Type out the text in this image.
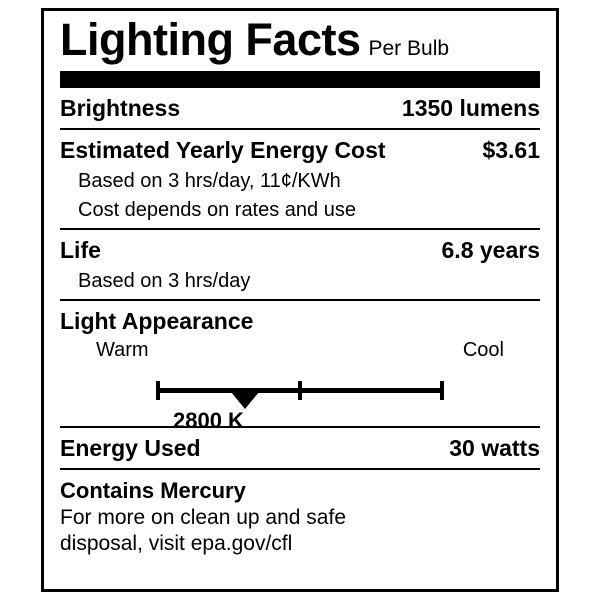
Lighting Facts Per Bulb
Brightness	1350 lumens
Estimated Yearly Energy Cost	$3.61
Based on 3 hrs/day, 11¢/KWh
Cost depends on rates and use
Life	6.8 years
Based on 3 hrs/day
Light Appearance
Warm	Cool
2800 K
Energy Used	30 watts
Contains Mercury
For more on clean up and safe
disposal, visit epa.gov/cfl
